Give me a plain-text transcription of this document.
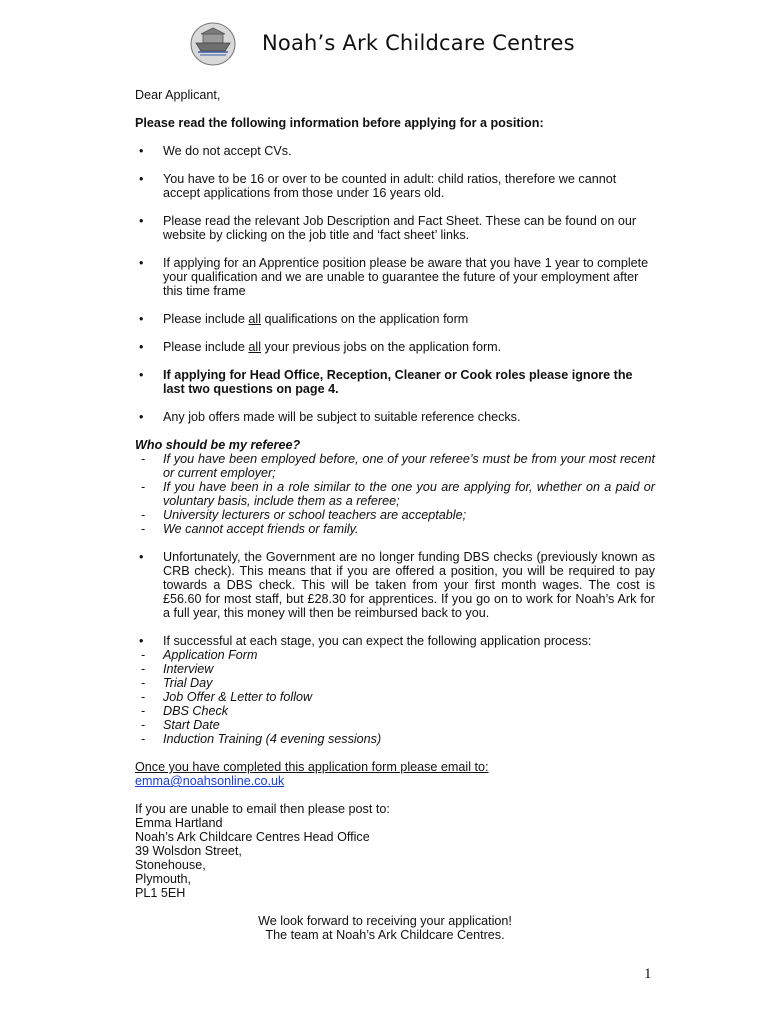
Noah’s Ark Childcare Centres

Dear Applicant,

Please read the following information before applying for a position:

• We do not accept CVs.
• You have to be 16 or over to be counted in adult: child ratios, therefore we cannot accept applications from those under 16 years old.
• Please read the relevant Job Description and Fact Sheet. These can be found on our website by clicking on the job title and ‘fact sheet’ links.
• If applying for an Apprentice position please be aware that you have 1 year to complete your qualification and we are unable to guarantee the future of your employment after this time frame
• Please include all qualifications on the application form
• Please include all your previous jobs on the application form.
• If applying for Head Office, Reception, Cleaner or Cook roles please ignore the last two questions on page 4.
• Any job offers made will be subject to suitable reference checks.

Who should be my referee?

- If you have been employed before, one of your referee’s must be from your most recent or current employer;
- If you have been in a role similar to the one you are applying for, whether on a paid or voluntary basis, include them as a referee;
- University lecturers or school teachers are acceptable;
- We cannot accept friends or family.
• Unfortunately, the Government are no longer funding DBS checks (previously known as CRB check). This means that if you are offered a position, you will be required to pay towards a DBS check. This will be taken from your first month wages. The cost is £56.60 for most staff, but £28.30 for apprentices. If you go on to work for Noah’s Ark for a full year, this money will then be reimbursed back to you.
• If successful at each stage, you can expect the following application process:
- Application Form
- Interview
- Trial Day
- Job Offer & Letter to follow
- DBS Check
- Start Date
- Induction Training (4 evening sessions)
Once you have completed this application form please email to:
emma@noahsonline.co.uk
If you are unable to email then please post to:
Emma Hartland
Noah’s Ark Childcare Centres Head Office
39 Wolsdon Street,
Stonehouse,
Plymouth,
PL1 5EH
We look forward to receiving your application!
The team at Noah’s Ark Childcare Centres.
1
